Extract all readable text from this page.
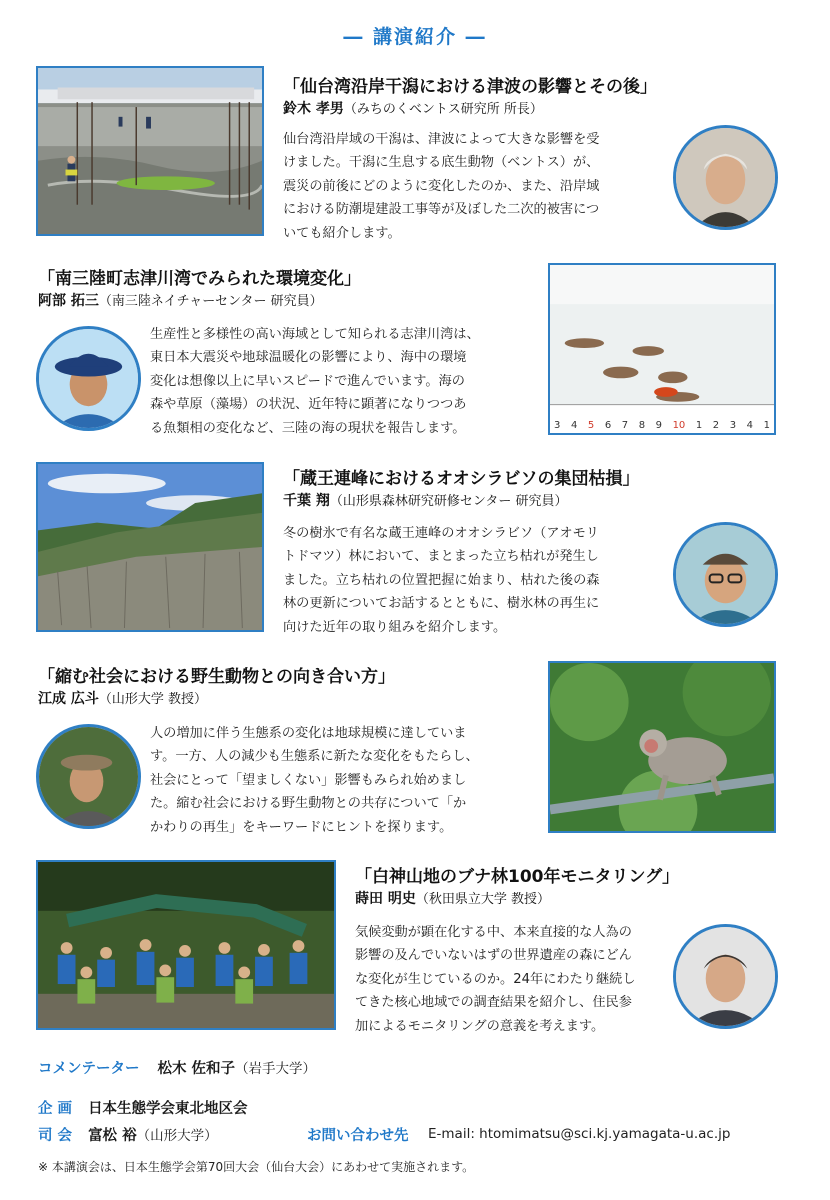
― 講演紹介 ―
「仙台湾沿岸干潟における津波の影響とその後」
鈴木 孝男（みちのくベントス研究所 所長）
仙台湾沿岸域の干潟は、津波によって大きな影響を受
けました。干潟に生息する底生動物（ベントス）が、
震災の前後にどのように変化したのか、また、沿岸域
における防潮堤建設工事等が及ぼした二次的被害につ
いても紹介します。
「南三陸町志津川湾でみられた環境変化」
阿部 拓三（南三陸ネイチャーセンター 研究員）
生産性と多様性の高い海域として知られる志津川湾は、
東日本大震災や地球温暖化の影響により、海中の環境
変化は想像以上に早いスピードで進んでいます。海の
森や草原（藻場）の状況、近年特に顕著になりつつあ
る魚類相の変化など、三陸の海の現状を報告します。	3 4 5 6 7 8 9 10 1 2 3 4 1
「蔵王連峰におけるオオシラビソの集団枯損」
千葉 翔（山形県森林研究研修センター 研究員）
冬の樹氷で有名な蔵王連峰のオオシラビソ（アオモリ
トドマツ）林において、まとまった立ち枯れが発生し
ました。立ち枯れの位置把握に始まり、枯れた後の森
林の更新についてお話するとともに、樹氷林の再生に
向けた近年の取り組みを紹介します。
「縮む社会における野生動物との向き合い方」
江成 広斗（山形大学 教授）
人の増加に伴う生態系の変化は地球規模に達していま
す。一方、人の減少も生態系に新たな変化をもたらし、
社会にとって「望ましくない」影響もみられ始めまし
た。縮む社会における野生動物との共存について「か
かわりの再生」をキーワードにヒントを探ります。
「白神山地のブナ林100年モニタリング」
蒔田 明史（秋田県立大学 教授）
気候変動が顕在化する中、本来直接的な人為の
影響の及んでいないはずの世界遺産の森にどん
な変化が生じているのか。24年にわたり継続し
てきた核心地域での調査結果を紹介し、住民参
加によるモニタリングの意義を考えます。
コメンテーター 松木 佐和子（岩手大学）
企 画 日本生態学会東北地区会
司 会 富松 裕（山形大学）	お問い合わせ先 E-mail: htomimatsu@sci.kj.yamagata-u.ac.jp
※ 本講演会は、日本生態学会第70回大会（仙台大会）にあわせて実施されます。
